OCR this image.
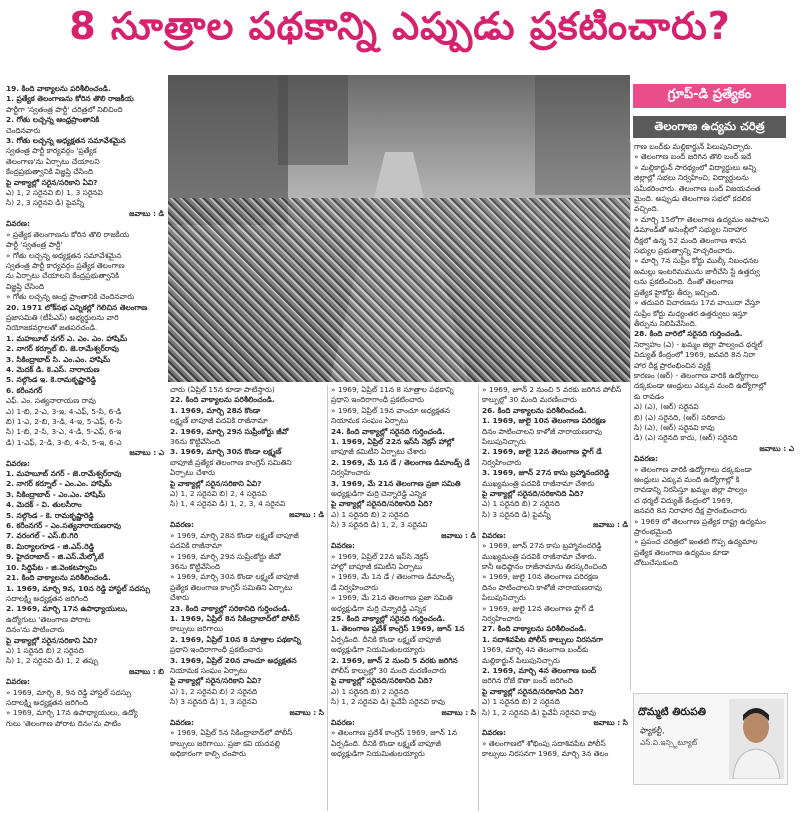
8 సూత్రాల పథకాన్ని ఎప్పుడు ప్రకటించారు?

19. కింది వాక్యాలను పరిశీలించండి.

1. ప్రత్యేక తెలంగాణను కోరిన తొలి రాజకీయ

పార్టీగా 'స్వతంత్ర పార్టీ' చరిత్రలో నిలిచింది

2. గోతు లచ్చన్న ఆంధ్రప్రాంతానికి

చెందినవారు

3. గోతు లచ్చన్న అధ్యక్షతన సమావేశమైన

స్వతంత్ర పార్టీ కార్యవర్గం 'ప్రత్యేక

తెలంగాణ'ను ఏర్పాటు చేయాలని

కేంద్రప్రభుత్వానికి విజ్ఞప్తి చేసింది

పై వాక్యాల్లో సరైన/సరికాని ఏవి?

ఎ) 1, 2 సరైనవి బి) 1, 3 సరైనవి

సి) 2, 3 సరైనవి డి) పైవన్నీ

జవాబు : డి

వివరణ:

» ప్రత్యేక తెలంగాణను కోరిన తొలి రాజకీయ

పార్టీ 'స్వతంత్ర పార్టీ'

» గోతు లచ్చన్న అధ్యక్షతన సమావేశమైన

స్వతంత్ర పార్టీ కార్యవర్గం ప్రత్యేక తెలంగాణ

ను ఏర్పాటు చేయాలని కేంద్రప్రభుత్వానికి

విజ్ఞప్తి చేసింది

» గోతు లచ్చన్న ఆంధ్ర ప్రాంతానికి చెందినవారు

20. 1971 లోక్‌సభ ఎన్నికల్లో గెలిచిన తెలంగాణ

ప్రజాసమితి (టీపీఎస్) అభ్యర్థులను వారి

నియోజకవర్గాలతో జతపరచండి.

1. మహబూబ్ నగర్ ఎ. ఎం. ఎం. హాషిమ్

2. నాగర్ కర్నూల్ బి. జె.రామేశ్వర్‌రావు

3. సికింద్రాబాద్ సి. ఎం.ఎం. హాషిమ్

4. మెదక్ డి. కె.ఎస్. నారాయణ

5. నల్గొండ ఇ. కె.రామకృష్ణారెడ్డి

6. కరీంనగర్

ఎఫ్. ఎం. సత్యనారాయణ రావు

ఎ) 1-బి, 2-ఎ, 3-ఇ, 4-ఎఫ్, 5-సి, 6-డి

బి) 1-ఎ, 2-బి, 3-డి, 4-ఇ, 5-ఎఫ్, 6-సి

సి) 1-బి, 2-సి, 3-ఎ, 4-డి, 5-ఎఫ్, 6-ఇ

డి) 1-ఎఫ్, 2-డి, 3-బి, 4-సి, 5-ఇ, 6-ఎ

జవాబు : ఎ

వివరణ:

1. మహబూబ్ నగర్ - జె.రామేశ్వర్‌రావు

2. నాగర్ కర్నూల్ - ఎం.ఎం. హాషిమ్

3. సికింద్రాబాద్ - ఎం.ఎం. హాషిమ్

4. మెదక్ - వి. తులసీరాం

5. నల్గొండ - కె. రామకృష్ణారెడ్డి

6. కరీంనగర్ - ఎం.సత్యనారాయణరావు

7. వరంగల్ - ఎస్.బి.గిరి

8. మిర్యాలగూడ - జి.ఎస్.రెడ్డి

9. హైదరాబాద్ - జి.ఎస్.మేల్కోటే

10. సిద్దిపేట - జి.వెంకటస్వామి

21. కింది వాక్యాలను పరిశీలించండి.

1. 1969, మార్చి 9న, 10న రెడ్డి హాస్టల్ సదస్సు

సదాలక్ష్మి అధ్యక్షతన జరిగింది

2. 1969, మార్చి 17న ఉపాధ్యాయులు,

ఉద్యోగులు 'తెలంగాణ పోరాట

దినం'ను పాటించారు

పై వాక్యాల్లో సరైన/సరికాని ఏవి?

ఎ) 1 సరైనది బి) 2 సరైనది

సి) 1, 2 సరైనవి డి) 1, 2 తప్పు

జవాబు : బి

వివరణ:

» 1969, మార్చి 8, 9న రెడ్డి హాస్టల్ సదస్సు

సదాలక్ష్మి అధ్యక్షతన జరిగింది

» 1969, మార్చి 17న ఉపాధ్యాయులు, ఉద్యో

గులు 'తెలంగాణ పోరాట దినం'ను పాటిం

చారు (ఏప్రిల్ 15న కూడా పాటిస్తారు)

22. కింది వాక్యాలను పరిశీలించండి.

1. 1969, మార్చి 28న కొండా

లక్ష్మణ్ బాపూజీ పదవికి రాజీనామా

2. 1969, మార్చి 29న సుప్రీంకోర్టు జీవో

36ను కొట్టివేసింది

3. 1969, మార్చి 30న కొండా లక్ష్మణ్

బాపూజీ ప్రత్యేక తెలంగాణ కాంగ్రెస్ సమితిని

ఏర్పాటు చేశారు

పై వాక్యాల్లో సరైన/సరికాని ఏవి?

ఎ) 1, 2 సరైనవి బి) 2, 4 సరైనవి

సి) 1, 4 సరైనవి డి) 1, 2, 3, 4 సరైనవి

జవాబు : డి

వివరణ:

» 1969, మార్చి 28న కొండా లక్ష్మణ్ బాపూజీ

పదవికి రాజీనామా

» 1969, మార్చి 29న సుప్రీంకోర్టు జీవో

36ను కొట్టివేసింది

» 1969, మార్చి 30న కొండా లక్ష్మణ్ బాపూజీ

ప్రత్యేక తెలంగాణ కాంగ్రెస్ సమితిని ఏర్పాటు

చేశారు

23. కింది వాక్యాల్లో సరికానిది గుర్తించండి.

1. 1969, ఏప్రిల్ 8న సికింద్రాబాద్‌లో పోలీస్

కాల్పులు జరిగాయి

2. 1969, ఏప్రిల్ 10న 8 సూత్రాల పథకాన్ని

ప్రధాని ఇందిరాగాంధీ ప్రకటించారు

3. 1969, ఏప్రిల్ 20న వాంచూ అధ్యక్షతన

నియామక సంఘం ఏర్పాటు

పై వాక్యాల్లో సరైన/సరికాని ఏవి?

ఎ) 1, 2 సరైనవి బి) 2 సరైనది

సి) 3 సరైనది డి) 1, 3 సరైనవి

జవాబు : సి

వివరణ:

» 1969, ఏప్రిల్ 5న సికింద్రాబాద్‌లో పోలీస్

కాల్పులు జరిగాయి. ప్రజా కవి యదవల్లి

అధికారంగా కాల్పి చంపారు

» 1969, ఏప్రిల్ 11న 8 సూత్రాల పథకాన్ని

ప్రధాని ఇందిరాగాంధీ ప్రకటించారు

» 1969, ఏప్రిల్ 19న వాంచూ అధ్యక్షతన

నియామక సంఘం ఏర్పాటు

24. కింది వాక్యాల్లో సరైనది గుర్తించండి.

1. 1969, ఏప్రిల్ 22న ఇస్‌సి నెక్రస్ హాల్లో

బాపూజీ కమిటీని ఏర్పాటు చేశారు

2. 1969, మే 1న డే / తెలంగాణ డిమాండ్స్ డే

నిర్వహించారు

3. 1969, మే 21న తెలంగాణ ప్రజా సమితి

అధ్యక్షుడిగా మర్రి చెన్నారెడ్డి ఎన్నిక

పై వాక్యాల్లో సరైనది/సరికానిది ఏది?

ఎ) 1 సరైనది బి) 2 సరైనది

సి) 3 సరైనది డి) 1, 2, 3 సరైనవి

జవాబు : డి

వివరణ:

» 1969, ఏప్రిల్ 22న ఇస్‌సి నెక్రస్

హాల్లో బాపూజీ కమిటీని ఏర్పాటు

» 1969, మే 1న డే / తెలంగాణ డిమాండ్స్

డే నిర్వహించారు

» 1969, మే 21న తెలంగాణ ప్రజా సమితి

అధ్యక్షుడిగా మర్రి చెన్నారెడ్డి ఎన్నిక

25. కింది వాక్యాల్లో సరైనది గుర్తించండి.

1. తెలంగాణ ప్రదేశ్ కాంగ్రెస్ 1969, జూన్ 1న

ఏర్పడింది. దీనికి కొండా లక్ష్మణ్ బాపూజీ

అధ్యక్షుడిగా నియమితులయ్యారు

2. 1969, జూన్ 2 నుంచి 5 వరకు జరిగిన

పోలీస్ కాల్పుల్లో 30 మంది మరణించారు

పై వాక్యాల్లో సరైనది/సరికానిది ఏది?

ఎ) 1 సరైనది బి) 2 సరైనది

సి) 1, 2 సరైనవి డి) పైవేవీ సరైనవి కావు

జవాబు : సి

వివరణ:

» తెలంగాణ ప్రదేశ్ కాంగ్రెస్ 1969, జూన్ 1న

ఏర్పడింది. దీనికి కొండా లక్ష్మణ్ బాపూజీ

అధ్యక్షుడిగా నియమితులయ్యారు

» 1969, జూన్ 2 నుంచి 5 వరకు జరిగిన పోలీస్

కాల్పుల్లో 30 మంది మరణించారు

26. కింది వాక్యాలను పరిశీలించండి.

1. 1969, జులై 10న తెలంగాణ పరిరక్షణ

దినం పాటించాలని కాళోజీ నారాయణరావు

పిలుపునిచ్చారు

2. 1969, జులై 12న తెలంగాణ ఫ్లాగ్ డే

నిర్వహించారు

3. 1969, జూన్ 27న కాసు బ్రహ్మానందరెడ్డి

ముఖ్యమంత్రి పదవికి రాజీనామా చేశారు

పై వాక్యాల్లో సరైనది/సరికానిది ఏది?

ఎ) 1 సరైనది బి) 2 సరైనది

సి) 3 సరైనది డి) పైవన్నీ

జవాబు : డి

వివరణ:

» 1969, జూన్ 27న కాసు బ్రహ్మానందరెడ్డి

ముఖ్యమంత్రి పదవికి రాజీనామా చేశారు.

కానీ అధిష్ఠానం రాజీనామాను తిరస్కరించింది

» 1969, జులై 10న తెలంగాణ పరిరక్షణ

దినం పాటించాలని కాళోజీ నారాయణరావు

పిలుపునిచ్చారు

» 1969, జులై 12న తెలంగాణ ఫ్లాగ్ డే

నిర్వహించారు

27. కింది వాక్యాలను పరిశీలించండి.

1. సదాశివపేట పోలీస్ కాల్పులు నిరసనగా

1969, మార్చి 4న తెలంగాణ బంద్‌కు

మల్లికార్జున్ పిలుపునిచ్చారు

2. 1969, మార్చి 4న తెలంగాణ బంద్

జరిగిన రోజే కౌతా బంద్ జరిగింది

పై వాక్యాల్లో సరైనది/సరికానిది ఏది?

ఎ) 1 సరైనది బి) 2 సరైనది

సి) 1, 2 సరైనవి డి) పైవేవీ సరైనవి కావు

జవాబు : సి

వివరణ:

» తెలంగాణలో శోభింపు సదాశివపేట పోలీస్

కాల్పులు నిరసనగా 1969, మార్చి 3న తెలం

గాణ బంద్‌కు మల్లికార్జున్ పిలుపునిచ్చారు.

» తెలంగాణ బంద్ జరిగిన తొలి బంద్ ఇదే

» మల్లికార్జున్ సారథ్యంలో విద్యార్థులు అన్ని

జిల్లాల్లో సభలు నిర్వహించి, విద్యార్థులను

సమీకరించారు. తెలంగాణ బంద్ విజయవంత

మైంది. అప్పుడు తెలంగాణ సభలో కదలిక

వచ్చింది.

» మార్చి 15లోగా తెలంగాణ ఉద్యమం ఆపాలని

డిమాండ్‌తో అసెంబ్లీలో సభ్యుల నిరాహార

దీక్షలో ఉన్న 52 మంది తెలంగాణ శాసన

సభ్యుల ప్రభుత్వాన్ని హెచ్చరించారు.

» మార్చి 7న సుప్రీం కోర్టు ముల్కీ నిబంధనల

అమల్లు ఇంటరిమమును జారీచేసి స్టే ఉత్తర్వు

లను ప్రకటించింది. దీంతో తెలంగాణ

ప్రత్యేక హైకోర్టు తీర్పు ఇచ్చింది.

» తదుపరి విచారణను 17వ వాయిదా వేస్తూ

సుప్రీం కోర్టు మధ్యంతర ఉత్తర్వులు ఇస్తూ

తీర్పును నిలిపివేసింది.

28. కింది వారిలో సరైనది గుర్తించండి.

నిర్వాహం (ఎ) - ఖమ్మం జిల్లా పాల్వంచ థర్మల్

విద్యుత్ కేంద్రంలో 1969, జనవరి 8న నిరా

హార దీక్ష ప్రారంభించిన వ్యక్తి

కారణం (ఆర్) - తెలంగాణ వారికి ఉద్యోగాలు

దక్కకుండా ఆంధ్రులు ఎక్కువ మంది ఉద్యోగాల్లో

కు రావడం

ఎ) (ఎ), (ఆర్) సరైనవి

బి) (ఎ) సరైనది, (ఆర్) సరికాదు

సి) (ఎ), (ఆర్) సరైనవి కావు

డి) (ఎ) సరైనది కాదు, (ఆర్) సరైనది

జవాబు : ఎ

వివరణ:

» తెలంగాణ వారికి ఉద్యోగాలు దక్కకుండా

ఆంధ్రులు ఎక్కువ మంది ఉద్యోగాల్లో కి

రావడాన్ని నిరసిస్తూ ఖమ్మం జిల్లా పాల్వం

చ థర్మల్ విద్యుత్ కేంద్రంలో 1969,

జనవరి 8న నిరాహార దీక్ష ప్రారంభించారు

» 1969 లో తెలంగాణ ప్రత్యేక రాష్ట్ర ఉద్యమం

ప్రారంభమైంది

» ప్రపంచ చరిత్రలో ఇంతటి గొప్ప ఉద్యమాల

ప్రత్యేక తెలంగాణ ఉద్యమం కూడా

చోటుచేసుకుంది

గ్రూప్-డి ప్రత్యేకం
తెలంగాణ ఉద్యమ చరిత్ర
దొమ్మటి తిరుపతి
ఫ్యాకల్టీ,
ఎస్.వి.ఇన్స్టిట్యూట్
